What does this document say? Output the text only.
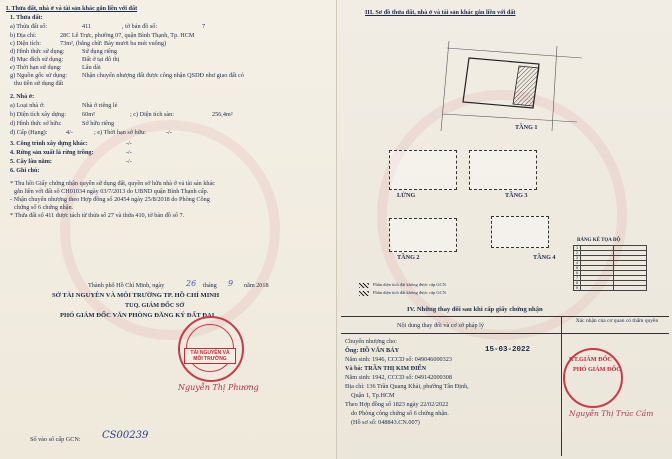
I. Thửa đất, nhà ở và tài sản khác gắn liền với đất
1. Thửa đất:
a) Thửa đất số:	411	, tờ bản đồ số:	7
b) Địa chỉ:	28C Lê Trực, phường 07, quận Bình Thạnh, Tp. HCM
c) Diện tích:	73m², (bằng chữ: Bảy mươi ba mét vuông)
d) Hình thức sử dụng:	Sử dụng riêng
đ) Mục đích sử dụng:	Đất ở tại đô thị
e) Thời hạn sử dụng:	Lâu dài
g) Nguồn gốc sử dụng: Nhận chuyển nhượng đất được công nhận QSDĐ như giao đất có
thu tiền sử dụng đất
2. Nhà ở:
a) Loại nhà ở:	Nhà ở riêng lẻ
b) Diện tích xây dựng:	60m²	; c) Diện tích sàn:	256,4m²
d) Hình thức sở hữu:	Sở hữu riêng
đ) Cấp (Hạng):	4/-	; e) Thời hạn sở hữu:	-/-
3. Công trình xây dựng khác:	-/-
4. Rừng sản xuất là rừng trồng:	-/-
5. Cây lâu năm:	-/-
6. Ghi chú:
* Thu hồi Giấy chứng nhận quyền sử dụng đất, quyền sở hữu nhà ở và tài sản khác
gắn liền với đất số CH01034 ngày 03/7/2013 do UBND quận Bình Thạnh cấp.
- Nhận chuyển nhượng theo Hợp đồng số 20454 ngày 25/8/2018 do Phòng Công
chứng số 6 chứng nhận.
* Thửa đất số 411 được tách từ thửa số 27 và thửa 410, tờ bản đồ số 7.
Thành phố Hồ Chí Minh, ngày	26 tháng 9 năm 2018
SỞ TÀI NGUYÊN VÀ MÔI TRƯỜNG TP. HỒ CHÍ MINH
TUQ. GIÁM ĐỐC SỞ
PHÓ GIÁM ĐỐC VĂN PHÒNG ĐĂNG KÝ ĐẤT ĐAI
TÀI NGUYÊN VÀ MÔI TRƯỜNG
Nguyễn Thị Phương
Số vào sổ cấp GCN: CS00239
III. Sơ đồ thửa đất, nhà ở và tài sản khác gắn liền với đất
TẦNG 1
LỬNG	TẦNG 3
TẦNG 2	TẦNG 4
BẢNG KÊ TỌA ĐỘ
1		
2		
3		
4		
5		
6		
7		
8		
9		
Phần diện tích đất không được cấp GCN
Phần diện tích đất không được cấp GCN
IV. Những thay đổi sau khi cấp giấy chứng nhận
Nội dung thay đổi và cơ sở pháp lý
Xác nhận của cơ quan có thẩm quyền
Chuyển nhượng cho:
Ông: HỒ VĂN BẢY
Năm sinh: 1946, CCCD số: 049046000323
Và bà: TRẦN THỊ KIM ĐIỂN
Năm sinh: 1942, CCCD số: 049142000308
Địa chỉ: 136 Trần Quang Khải, phường Tân Định,
Quận 1, Tp.HCM
Theo Hợp đồng số 1823 ngày 22/02/2022
do Phòng công chứng số 6 chứng nhận.
(Hồ sơ số: 048843.CN.007)
15-03-2022
KT.GIÁM ĐỐC
PHÓ GIÁM ĐỐC
Nguyễn Thị Trúc Cầm
